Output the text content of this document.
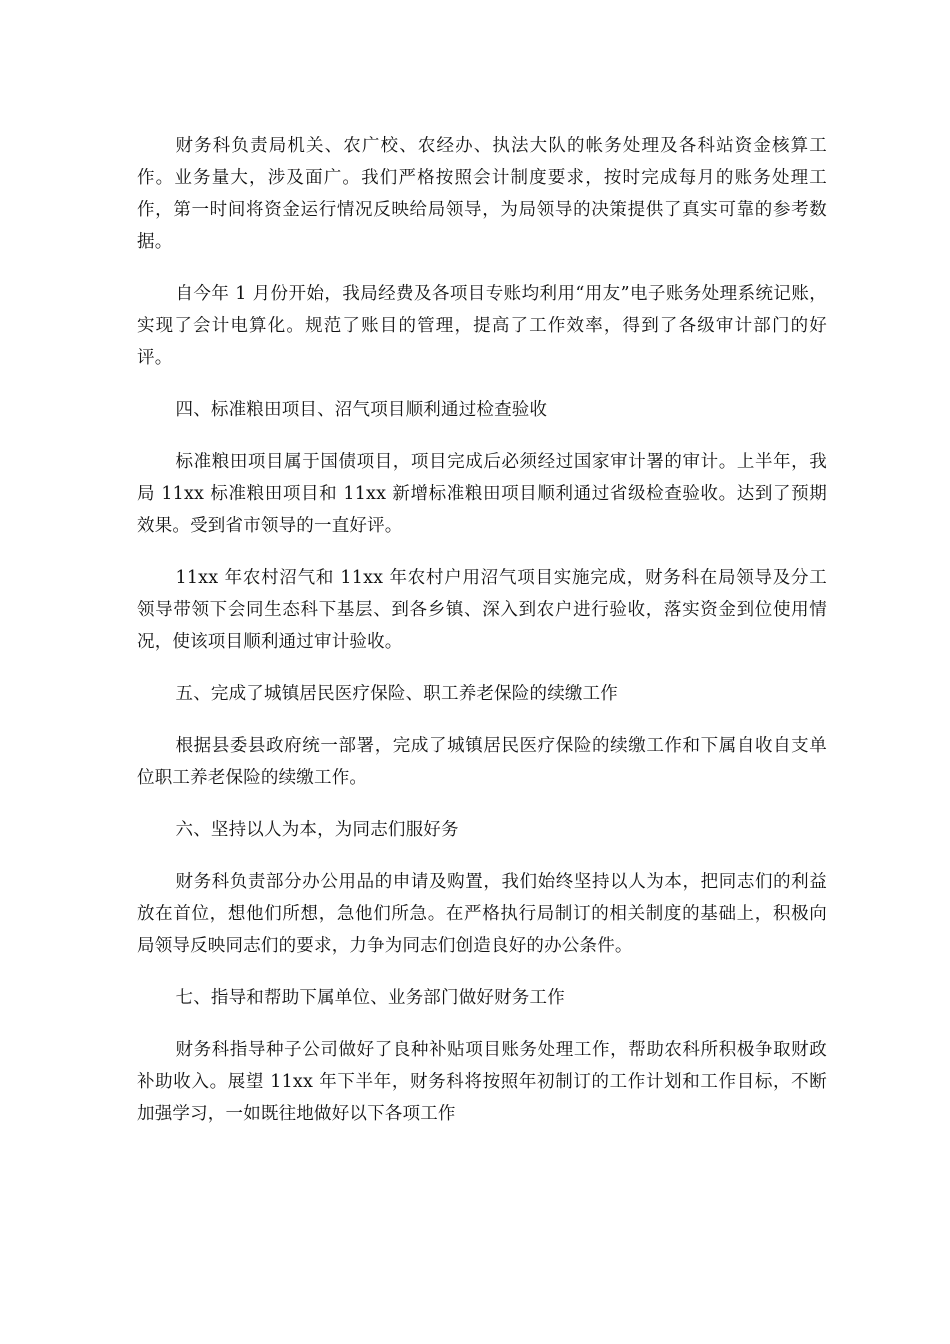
财务科负责局机关、农广校、农经办、执法大队的帐务处理及各科站资金核算工作。业务量大，涉及面广。我们严格按照会计制度要求，按时完成每月的账务处理工作，第一时间将资金运行情况反映给局领导，为局领导的决策提供了真实可靠的参考数据。

自今年 1 月份开始，我局经费及各项目专账均利用“用友”电子账务处理系统记账，实现了会计电算化。规范了账目的管理，提高了工作效率，得到了各级审计部门的好评。

四、标准粮田项目、沼气项目顺利通过检查验收

标准粮田项目属于国债项目，项目完成后必须经过国家审计署的审计。上半年，我局 11xx 标准粮田项目和 11xx 新增标准粮田项目顺利通过省级检查验收。达到了预期效果。受到省市领导的一直好评。

11xx 年农村沼气和 11xx 年农村户用沼气项目实施完成，财务科在局领导及分工领导带领下会同生态科下基层、到各乡镇、深入到农户进行验收，落实资金到位使用情况，使该项目顺利通过审计验收。

五、完成了城镇居民医疗保险、职工养老保险的续缴工作

根据县委县政府统一部署，完成了城镇居民医疗保险的续缴工作和下属自收自支单位职工养老保险的续缴工作。

六、坚持以人为本，为同志们服好务

财务科负责部分办公用品的申请及购置，我们始终坚持以人为本，把同志们的利益放在首位，想他们所想，急他们所急。在严格执行局制订的相关制度的基础上，积极向局领导反映同志们的要求，力争为同志们创造良好的办公条件。

七、指导和帮助下属单位、业务部门做好财务工作

财务科指导种子公司做好了良种补贴项目账务处理工作，帮助农科所积极争取财政补助收入。展望 11xx 年下半年，财务科将按照年初制订的工作计划和工作目标，不断加强学习，一如既往地做好以下各项工作
